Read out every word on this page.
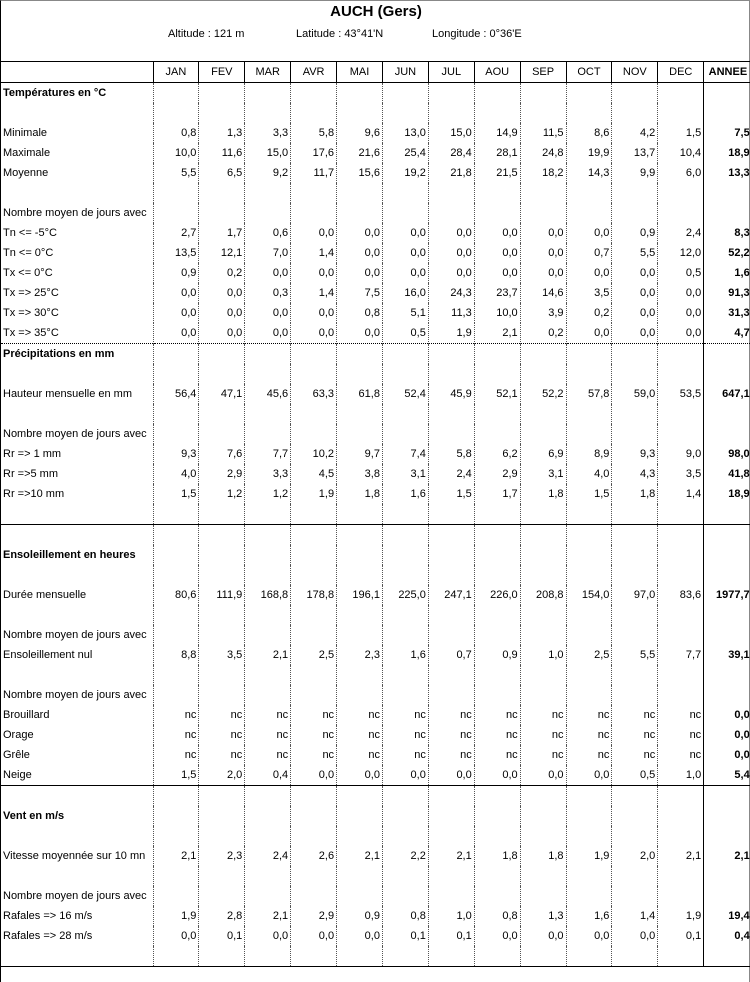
AUCH (Gers)
Altitude : 121 m	Latitude : 43°41'N	Longitude : 0°36'E
	JAN	FEV	MAR	AVR	MAI	JUN	JUL	AOU	SEP	OCT	NOV	DEC	ANNEE
Températures en °C													

Minimale	0,8	1,3	3,3	5,8	9,6	13,0	15,0	14,9	11,5	8,6	4,2	1,5	7,5
Maximale	10,0	11,6	15,0	17,6	21,6	25,4	28,4	28,1	24,8	19,9	13,7	10,4	18,9
Moyenne	5,5	6,5	9,2	11,7	15,6	19,2	21,8	21,5	18,2	14,3	9,9	6,0	13,3

Nombre moyen de jours avec													
Tn <= -5°C	2,7	1,7	0,6	0,0	0,0	0,0	0,0	0,0	0,0	0,0	0,9	2,4	8,3
Tn <= 0°C	13,5	12,1	7,0	1,4	0,0	0,0	0,0	0,0	0,0	0,7	5,5	12,0	52,2
Tx <= 0°C	0,9	0,2	0,0	0,0	0,0	0,0	0,0	0,0	0,0	0,0	0,0	0,5	1,6
Tx => 25°C	0,0	0,0	0,3	1,4	7,5	16,0	24,3	23,7	14,6	3,5	0,0	0,0	91,3
Tx => 30°C	0,0	0,0	0,0	0,0	0,8	5,1	11,3	10,0	3,9	0,2	0,0	0,0	31,3
Tx => 35°C	0,0	0,0	0,0	0,0	0,0	0,5	1,9	2,1	0,2	0,0	0,0	0,0	4,7
Précipitations en mm													

Hauteur mensuelle en mm	56,4	47,1	45,6	63,3	61,8	52,4	45,9	52,1	52,2	57,8	59,0	53,5	647,1

Nombre moyen de jours avec													
Rr => 1 mm	9,3	7,6	7,7	10,2	9,7	7,4	5,8	6,2	6,9	8,9	9,3	9,0	98,0
Rr =>5 mm	4,0	2,9	3,3	4,5	3,8	3,1	2,4	2,9	3,1	4,0	4,3	3,5	41,8
Rr =>10 mm	1,5	1,2	1,2	1,9	1,8	1,6	1,5	1,7	1,8	1,5	1,8	1,4	18,9

Ensoleillement en heures													

Durée mensuelle	80,6	111,9	168,8	178,8	196,1	225,0	247,1	226,0	208,8	154,0	97,0	83,6	1977,7

Nombre moyen de jours avec													
Ensoleillement nul	8,8	3,5	2,1	2,5	2,3	1,6	0,7	0,9	1,0	2,5	5,5	7,7	39,1

Nombre moyen de jours avec													
Brouillard	nc	nc	nc	nc	nc	nc	nc	nc	nc	nc	nc	nc	0,0
Orage	nc	nc	nc	nc	nc	nc	nc	nc	nc	nc	nc	nc	0,0
Grêle	nc	nc	nc	nc	nc	nc	nc	nc	nc	nc	nc	nc	0,0
Neige	1,5	2,0	0,4	0,0	0,0	0,0	0,0	0,0	0,0	0,0	0,5	1,0	5,4

Vent en m/s													

Vitesse moyennée sur 10 mn	2,1	2,3	2,4	2,6	2,1	2,2	2,1	1,8	1,8	1,9	2,0	2,1	2,1

Nombre moyen de jours avec													
Rafales => 16 m/s	1,9	2,8	2,1	2,9	0,9	0,8	1,0	0,8	1,3	1,6	1,4	1,9	19,4
Rafales => 28 m/s	0,0	0,1	0,0	0,0	0,0	0,1	0,1	0,0	0,0	0,0	0,0	0,1	0,4
